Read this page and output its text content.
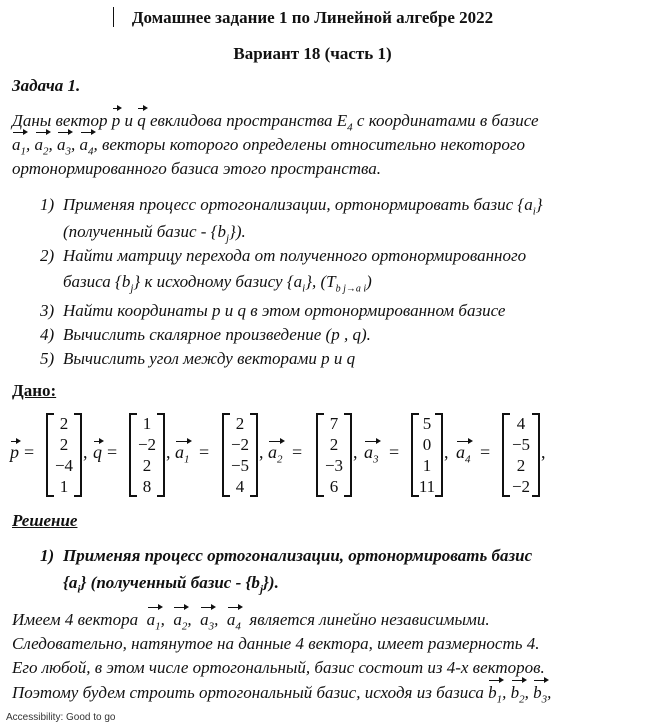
Домашнее задание 1 по Линейной алгебре 2022
Вариант 18 (часть 1)
Задача 1.
Даны вектор p и q евклидова пространства $E_4$ с координатами в базисе
$a_1$, $a_2$, $a_3$, $a_4$, векторы которого определены относительно некоторого
ортонормированного базиса этого пространства.
1) Применяя процесс ортогонализации, ортонормировать базис $\{a_i\}$
(полученный базис - $\{b_j\}$).
2) Найти матрицу перехода от полученного ортонормированного
базиса $\{b_j\}$ к исходному базису $\{a_i\}$, $(T_{b j\to a i})$
3) Найти координаты p и q в этом ортонормированном базисе
4) Вычислить скалярное произведение (p , q).
5) Вычислить угол между векторами p и q
Дано:
p =
2
2
−4
1
, q =
1
−2
2
8
, $a_1$ =
2
−2
−5
4
, $a_2$ =
7
2
−3
6
, $a_3$ =
5
0
1
11
, $a_4$ =
4
−5
2
−2
,
Решение
1) Применяя процесс ортогонализации, ортонормировать базис
$\{a_i\}$ (полученный базис - $\{b_j\}$).
Имеем 4 вектора $a_1$,  $a_2$,  $a_3$,  $a_4$ является линейно независимыми.
Следовательно, натянутое на данные 4 вектора, имеет размерность 4.
Его любой, в этом числе ортогональный, базис состоит из 4-х векторов.
Поэтому будем строить ортогональный базис, исходя из базиса $b_1$, $b_2$, $b_3$,
Accessibility: Good to go
